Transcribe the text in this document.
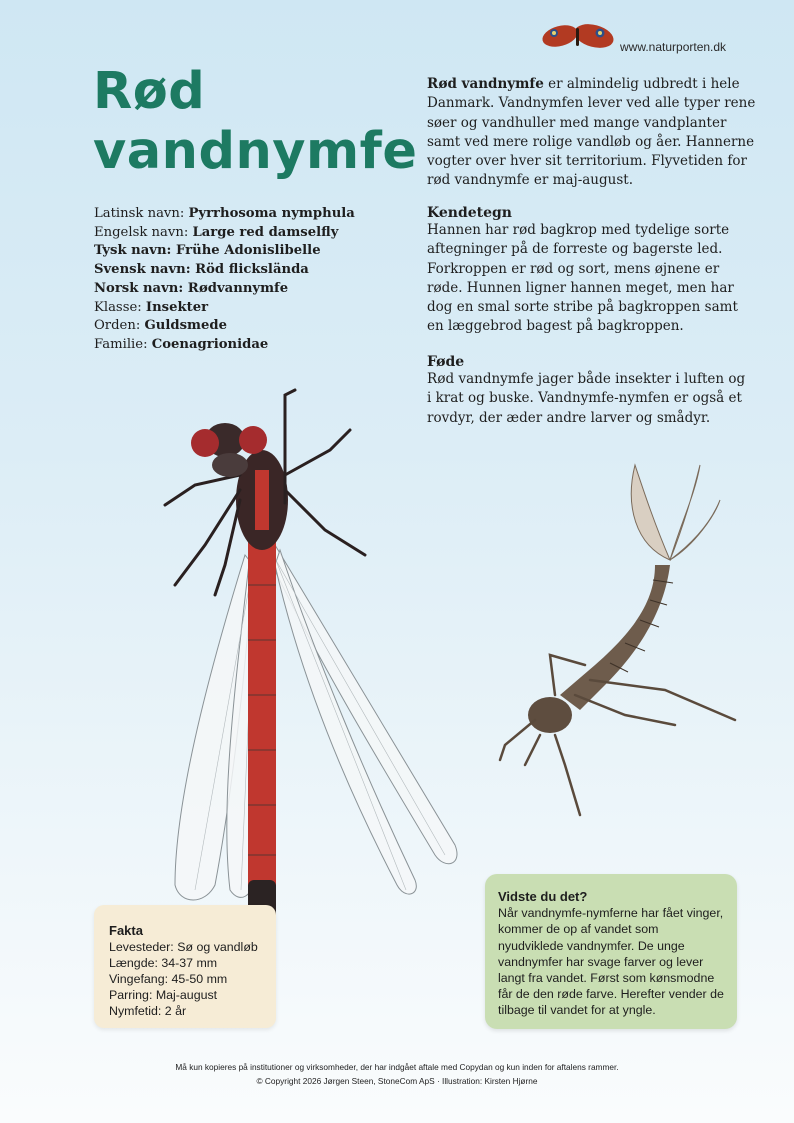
www.naturporten.dk
Rød
vandnymfe
Latinsk navn: Pyrrhosoma nymphula
Engelsk navn: Large red damselfly
Tysk navn: Frühe Adonislibelle
Svensk navn: Röd flickslända
Norsk navn: Rødvannymfe
Klasse: Insekter
Orden: Guldsmede
Familie: Coenagrionidae
Rød vandnymfe er almindelig udbredt i hele Danmark. Vandnymfen lever ved alle typer rene søer og vandhuller med mange vandplanter samt ved mere rolige vandløb og åer. Hannerne vogter over hver sit territorium. Flyvetiden for rød vandnymfe er maj-august.

Kendetegn

Hannen har rød bagkrop med tydelige sorte aftegninger på de forreste og bagerste led. Forkroppen er rød og sort, mens øjnene er røde. Hunnen ligner hannen meget, men har dog en smal sorte stribe på bagkroppen samt en læggebrod bagest på bagkroppen.

Føde

Rød vandnymfe jager både insekter i luften og i krat og buske. Vandnymfe-nymfen er også et rovdyr, der æder andre larver og smådyr.
Fakta
Levesteder: Sø og vandløb
Længde: 34-37 mm
Vingefang: 45-50 mm
Parring: Maj-august
Nymfetid: 2 år
Vidste du det?
Når vandnymfe-nymferne har fået vinger, kommer de op af vandet som nyudviklede vandnymfer. De unge vandnymfer har svage farver og lever langt fra vandet. Først som kønsmodne får de den røde farve. Herefter vender de tilbage til vandet for at yngle.
Må kun kopieres på institutioner og virksomheder, der har indgået aftale med Copydan og kun inden for aftalens rammer.
© Copyright 2026 Jørgen Steen, StoneCom ApS · Illustration: Kirsten Hjørne
